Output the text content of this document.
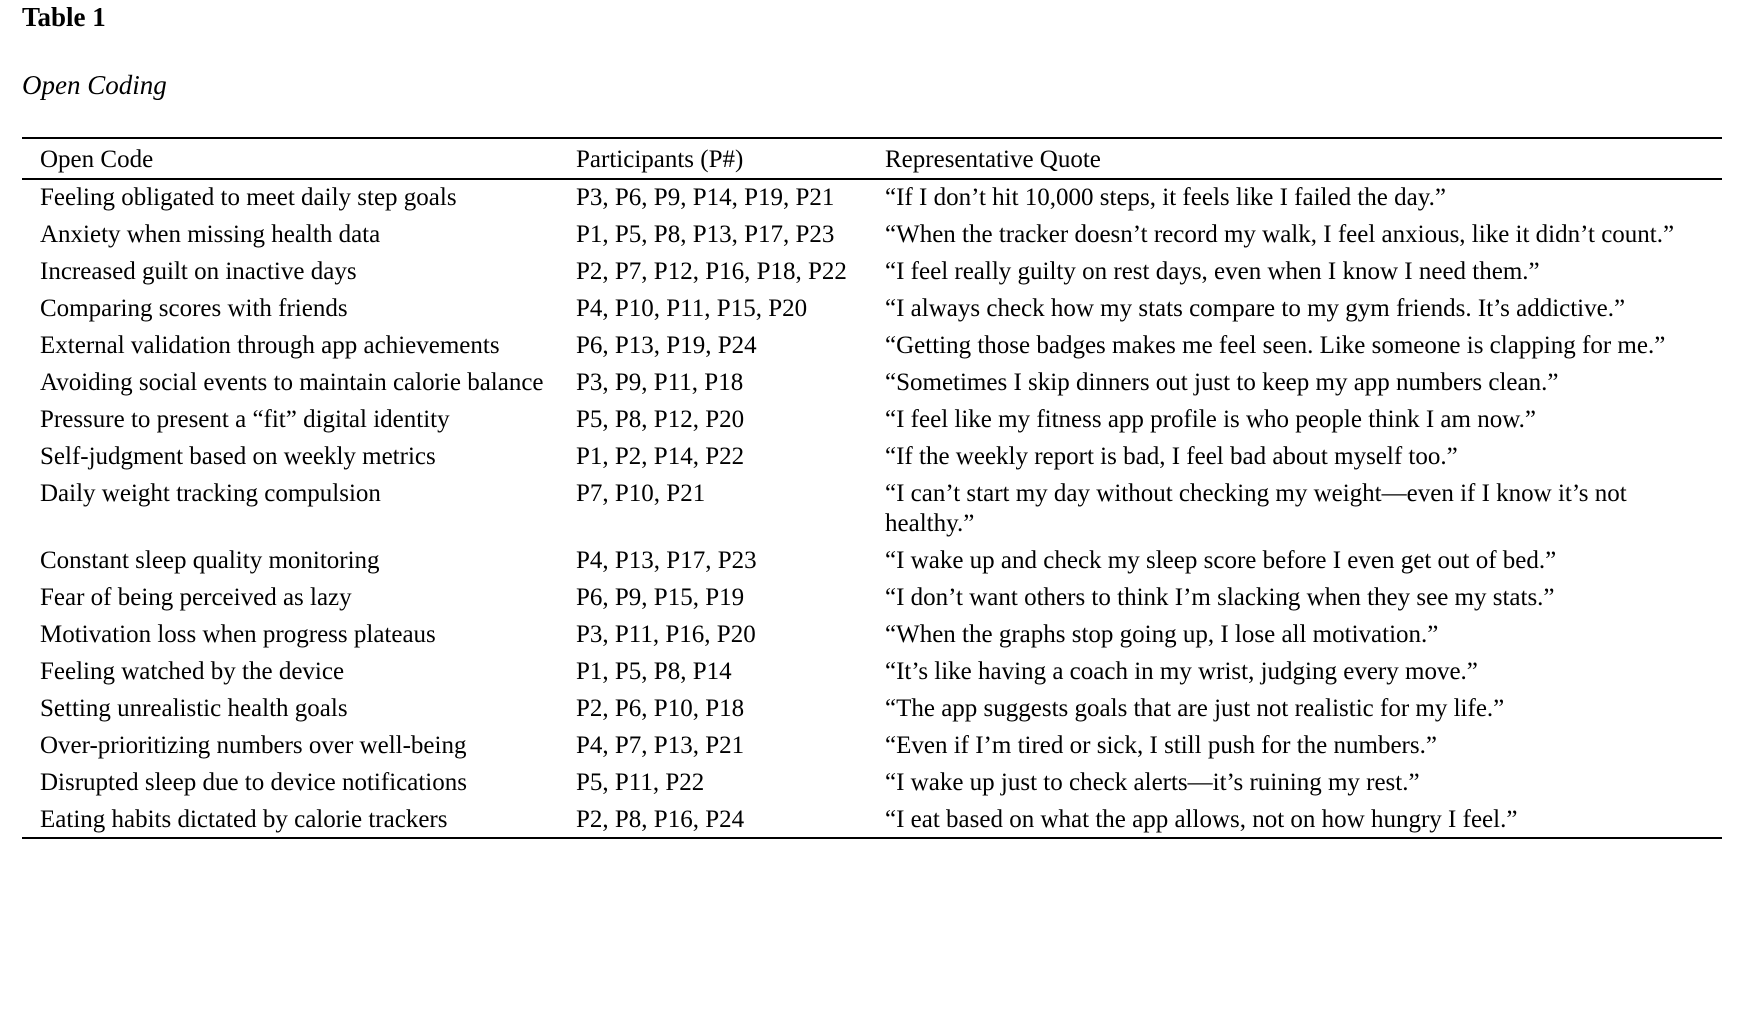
Table 1

Open Coding

Open Code	Participants (P#)	Representative Quote
Feeling obligated to meet daily step goals	P3, P6, P9, P14, P19, P21	“If I don’t hit 10,000 steps, it feels like I failed the day.”
Anxiety when missing health data	P1, P5, P8, P13, P17, P23	“When the tracker doesn’t record my walk, I feel anxious, like it didn’t count.”
Increased guilt on inactive days	P2, P7, P12, P16, P18, P22	“I feel really guilty on rest days, even when I know I need them.”
Comparing scores with friends	P4, P10, P11, P15, P20	“I always check how my stats compare to my gym friends. It’s addictive.”
External validation through app achievements	P6, P13, P19, P24	“Getting those badges makes me feel seen. Like someone is clapping for me.”
Avoiding social events to maintain calorie balance	P3, P9, P11, P18	“Sometimes I skip dinners out just to keep my app numbers clean.”
Pressure to present a “fit” digital identity	P5, P8, P12, P20	“I feel like my fitness app profile is who people think I am now.”
Self-judgment based on weekly metrics	P1, P2, P14, P22	“If the weekly report is bad, I feel bad about myself too.”
Daily weight tracking compulsion	P7, P10, P21	“I can’t start my day without checking my weight—even if I know it’s not healthy.”
Constant sleep quality monitoring	P4, P13, P17, P23	“I wake up and check my sleep score before I even get out of bed.”
Fear of being perceived as lazy	P6, P9, P15, P19	“I don’t want others to think I’m slacking when they see my stats.”
Motivation loss when progress plateaus	P3, P11, P16, P20	“When the graphs stop going up, I lose all motivation.”
Feeling watched by the device	P1, P5, P8, P14	“It’s like having a coach in my wrist, judging every move.”
Setting unrealistic health goals	P2, P6, P10, P18	“The app suggests goals that are just not realistic for my life.”
Over-prioritizing numbers over well-being	P4, P7, P13, P21	“Even if I’m tired or sick, I still push for the numbers.”
Disrupted sleep due to device notifications	P5, P11, P22	“I wake up just to check alerts—it’s ruining my rest.”
Eating habits dictated by calorie trackers	P2, P8, P16, P24	“I eat based on what the app allows, not on how hungry I feel.”
